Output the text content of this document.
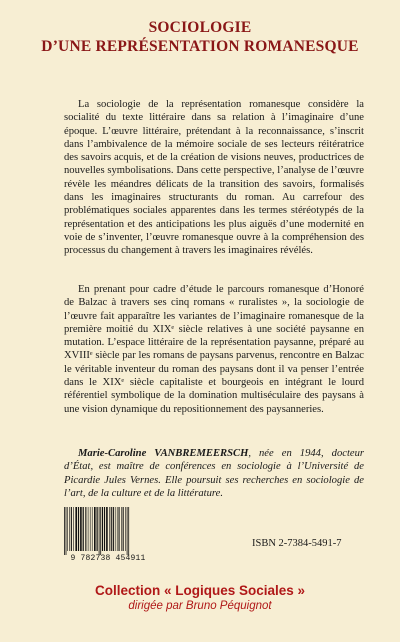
SOCIOLOGIE
D’UNE REPRÉSENTATION ROMANESQUE
La sociologie de la représentation romanesque considère la socialité du texte littéraire dans sa relation à l’imaginaire d’une époque. L’œuvre littéraire, prétendant à la reconnaissance, s’inscrit dans l’ambivalence de la mémoire sociale de ses lecteurs réitératrice des savoirs acquis, et de la création de visions neuves, productrices de nouvelles symbolisations. Dans cette perspective, l’analyse de l’œuvre révèle les méandres délicats de la transition des savoirs, formalisés dans les imaginaires structurants du roman. Au carrefour des problématiques sociales apparentes dans les termes stéréotypés de la représentation et des anticipations les plus aiguës d’une modernité en voie de s’inventer, l’œuvre romanesque ouvre à la compréhension des processus du changement à travers les imaginaires révélés.
En prenant pour cadre d’étude le parcours romanesque d’Honoré de Balzac à travers ses cinq romans « ruralistes », la sociologie de l’œuvre fait apparaître les variantes de l’imaginaire romanesque de la première moitié du XIXᵉ siècle relatives à une société paysanne en mutation. L’espace littéraire de la représentation paysanne, préparé au XVIIIᵉ siècle par les romans de paysans parvenus, rencontre en Balzac le véritable inventeur du roman des paysans dont il va penser l’entrée dans le XIXᵉ siècle capitaliste et bourgeois en intégrant le lourd référentiel symbolique de la domination multiséculaire des paysans à une vision dynamique du repositionnement des paysanneries.
Marie-Caroline VANBREMEERSCH, née en 1944, docteur d’État, est maître de conférences en sociologie à l’Université de Picardie Jules Vernes. Elle poursuit ses recherches en sociologie de l’art, de la culture et de la littérature.
9 782738 454911
ISBN 2-7384-5491-7
Collection « Logiques Sociales »
dirigée par Bruno Péquignot
